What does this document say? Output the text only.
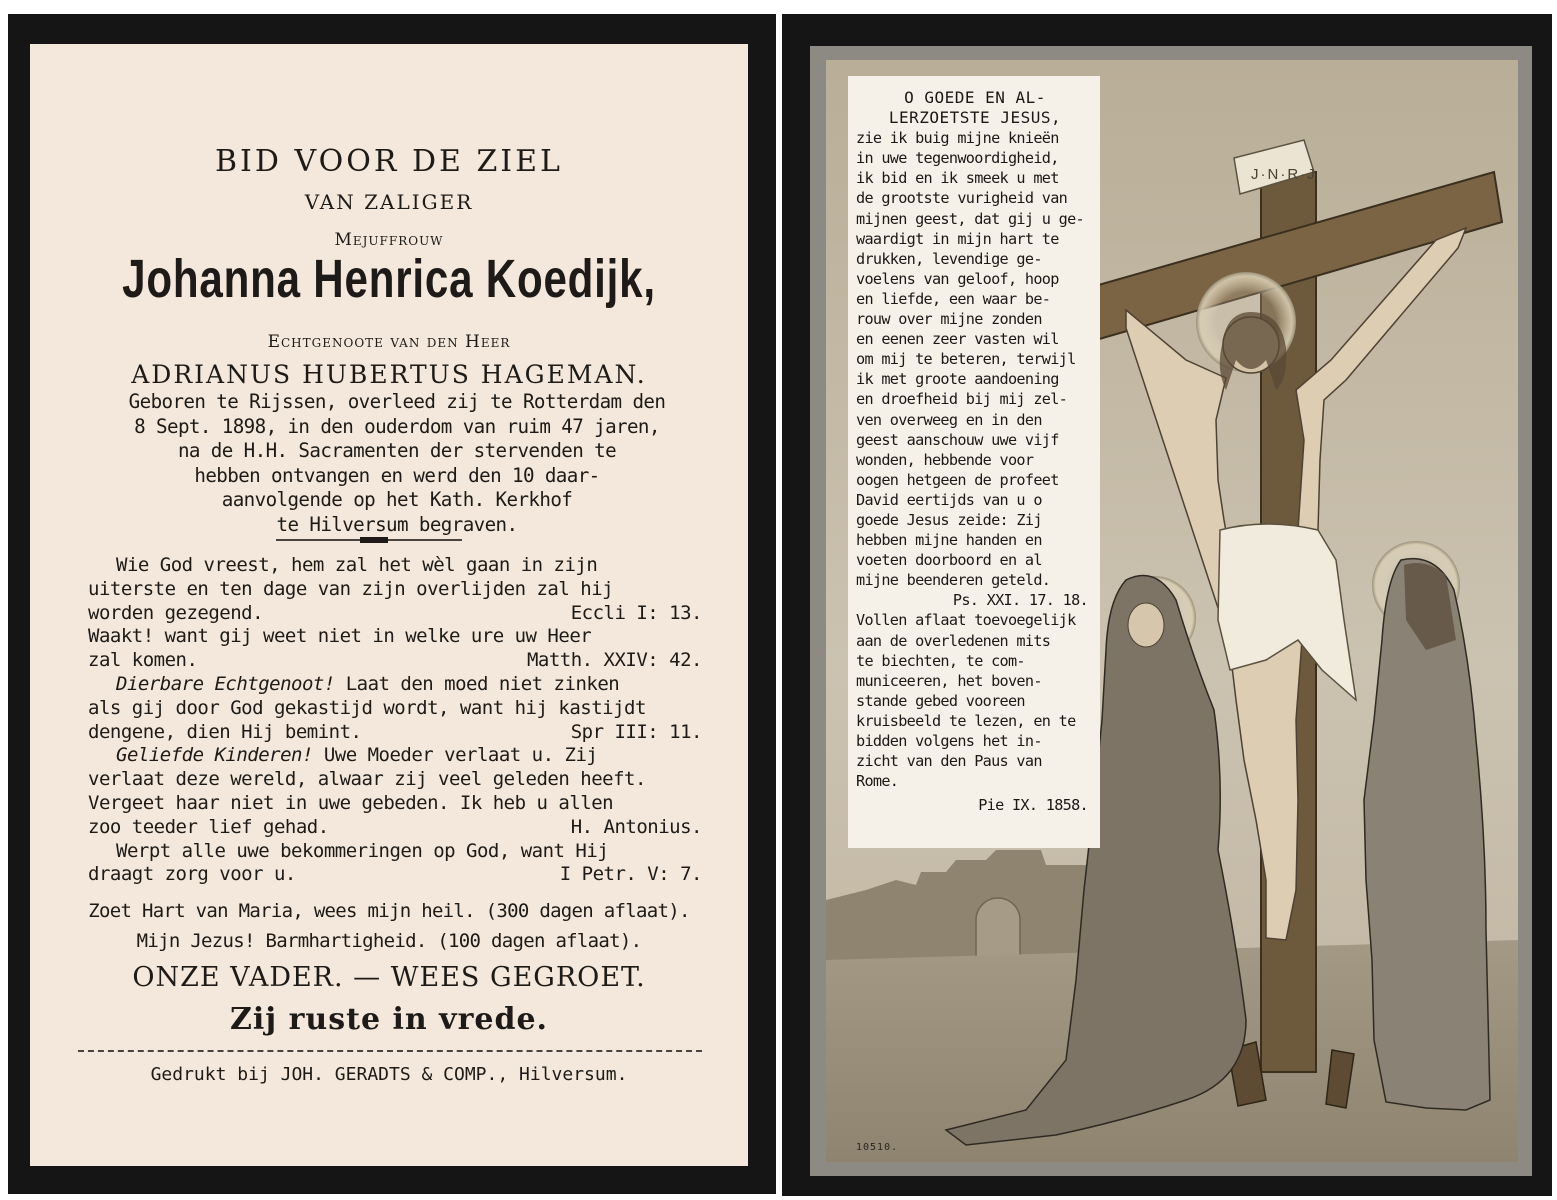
BID VOOR DE ZIEL
VAN ZALIGER
Mejuffrouw
Johanna Henrica Koedijk,
Echtgenoote van den Heer
ADRIANUS HUBERTUS HAGEMAN.
Geboren te Rijssen, overleed zij te Rotterdam den
8 Sept. 1898, in den ouderdom van ruim 47 jaren,
na de H.H. Sacramenten der stervenden te
hebben ontvangen en werd den 10 daar-
aanvolgende op het Kath. Kerkhof
te Hilversum begraven.
Wie God vreest, hem zal het wèl gaan in zijn
uiterste en ten dage van zijn overlijden zal hij
worden gezegend.	Eccli I: 13.
Waakt! want gij weet niet in welke ure uw Heer
zal komen.	Matth. XXIV: 42.
Dierbare Echtgenoot! Laat den moed niet zinken
als gij door God gekastijd wordt, want hij kastijdt
dengene, dien Hij bemint.	Spr III: 11.
Geliefde Kinderen! Uwe Moeder verlaat u. Zij
verlaat deze wereld, alwaar zij veel geleden heeft.
Vergeet haar niet in uwe gebeden. Ik heb u allen
zoo teeder lief gehad.	H. Antonius.
Werpt alle uwe bekommeringen op God, want Hij
draagt zorg voor u.	I Petr. V: 7.
Zoet Hart van Maria, wees mijn heil. (300 dagen aflaat).
Mijn Jezus! Barmhartigheid. (100 dagen aflaat).
ONZE VADER. — WEES GEGROET.
Zij ruste in vrede.
Gedrukt bij JOH. GERADTS & COMP., Hilversum.
J·N·R·J
O GOEDE EN AL-
LERZOETSTE JESUS,
zie ik buig mijne knieën
in uwe tegenwoordigheid,
ik bid en ik smeek u met
de grootste vurigheid van
mijnen geest, dat gij u ge-
waardigt in mijn hart te
drukken, levendige ge-
voelens van geloof, hoop
en liefde, een waar be-
rouw over mijne zonden
en eenen zeer vasten wil
om mij te beteren, terwijl
ik met groote aandoening
en droefheid bij mij zel-
ven overweeg en in den
geest aanschouw uwe vijf
wonden, hebbende voor
oogen hetgeen de profeet
David eertijds van u o
goede Jesus zeide: Zij
hebben mijne handen en
voeten doorboord en al
mijne beenderen geteld.
Ps. XXI. 17. 18.
Vollen aflaat toevoegelijk
aan de overledenen mits
te biechten, te com-
municeeren, het boven-
stande gebed vooreen
kruisbeeld te lezen, en te
bidden volgens het in-
zicht van den Paus van
Rome.
Pie IX. 1858.
10510.
